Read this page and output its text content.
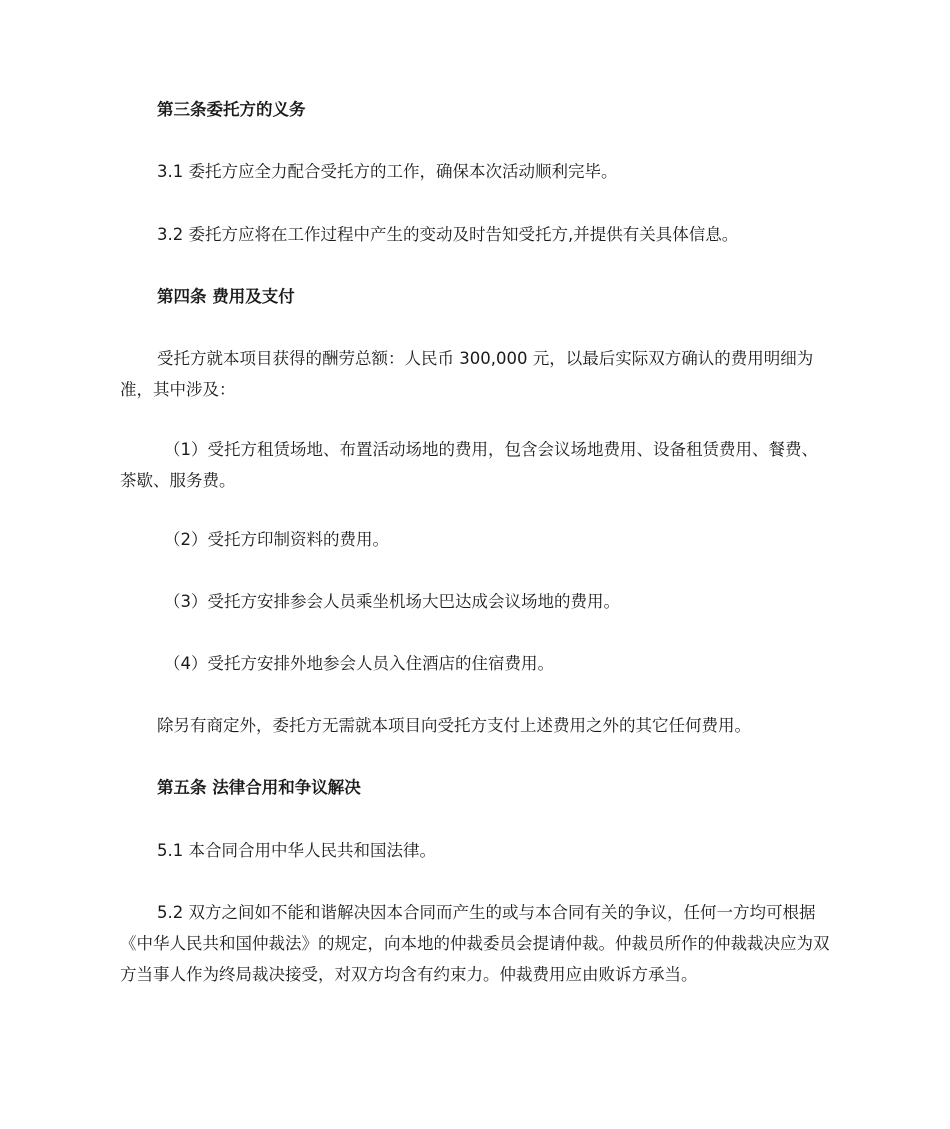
第三条委托方的义务

3.1 委托方应全力配合受托方的工作，确保本次活动顺利完毕。

3.2 委托方应将在工作过程中产生的变动及时告知受托方,并提供有关具体信息。

第四条 费用及支付

受托方就本项目获得的酬劳总额：人民币 300,000 元，以最后实际双方确认的费用明细为准，其中涉及：

（1）受托方租赁场地、布置活动场地的费用，包含会议场地费用、设备租赁费用、餐费、茶歇、服务费。

（2）受托方印制资料的费用。

（3）受托方安排参会人员乘坐机场大巴达成会议场地的费用。

（4）受托方安排外地参会人员入住酒店的住宿费用。

除另有商定外，委托方无需就本项目向受托方支付上述费用之外的其它任何费用。

第五条 法律合用和争议解决

5.1 本合同合用中华人民共和国法律。

5.2 双方之间如不能和谐解决因本合同而产生的或与本合同有关的争议，任何一方均可根据《中华人民共和国仲裁法》的规定，向本地的仲裁委员会提请仲裁。仲裁员所作的仲裁裁决应为双方当事人作为终局裁决接受，对双方均含有约束力。仲裁费用应由败诉方承当。
